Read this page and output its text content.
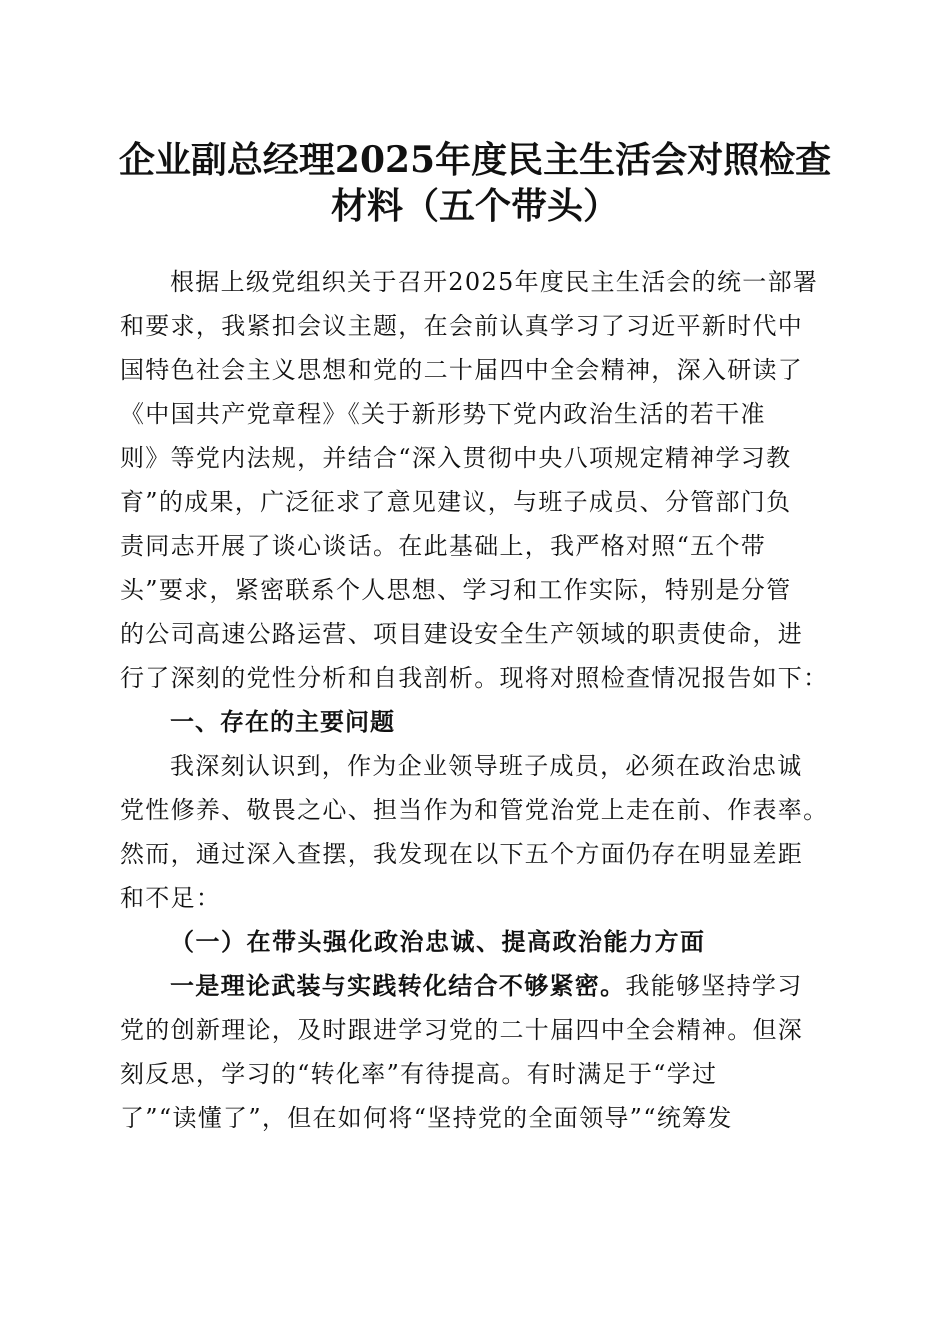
企业副总经理2025年度民主生活会对照检查
材料（五个带头）
根据上级党组织关于召开2025年度民主生活会的统一部署
和要求，我紧扣会议主题，在会前认真学习了习近平新时代中
国特色社会主义思想和党的二十届四中全会精神，深入研读了
《中国共产党章程》《关于新形势下党内政治生活的若干准
则》等党内法规，并结合“深入贯彻中央八项规定精神学习教
育”的成果，广泛征求了意见建议，与班子成员、分管部门负
责同志开展了谈心谈话。在此基础上，我严格对照“五个带
头”要求，紧密联系个人思想、学习和工作实际，特别是分管
的公司高速公路运营、项目建设安全生产领域的职责使命，进
行了深刻的党性分析和自我剖析。现将对照检查情况报告如下：
一、存在的主要问题
我深刻认识到，作为企业领导班子成员，必须在政治忠诚
党性修养、敬畏之心、担当作为和管党治党上走在前、作表率。
然而，通过深入查摆，我发现在以下五个方面仍存在明显差距
和不足：
（一）在带头强化政治忠诚、提高政治能力方面
一是理论武装与实践转化结合不够紧密。我能够坚持学习
党的创新理论，及时跟进学习党的二十届四中全会精神。但深
刻反思，学习的“转化率”有待提高。有时满足于“学过
了”“读懂了”，但在如何将“坚持党的全面领导”“统筹发
